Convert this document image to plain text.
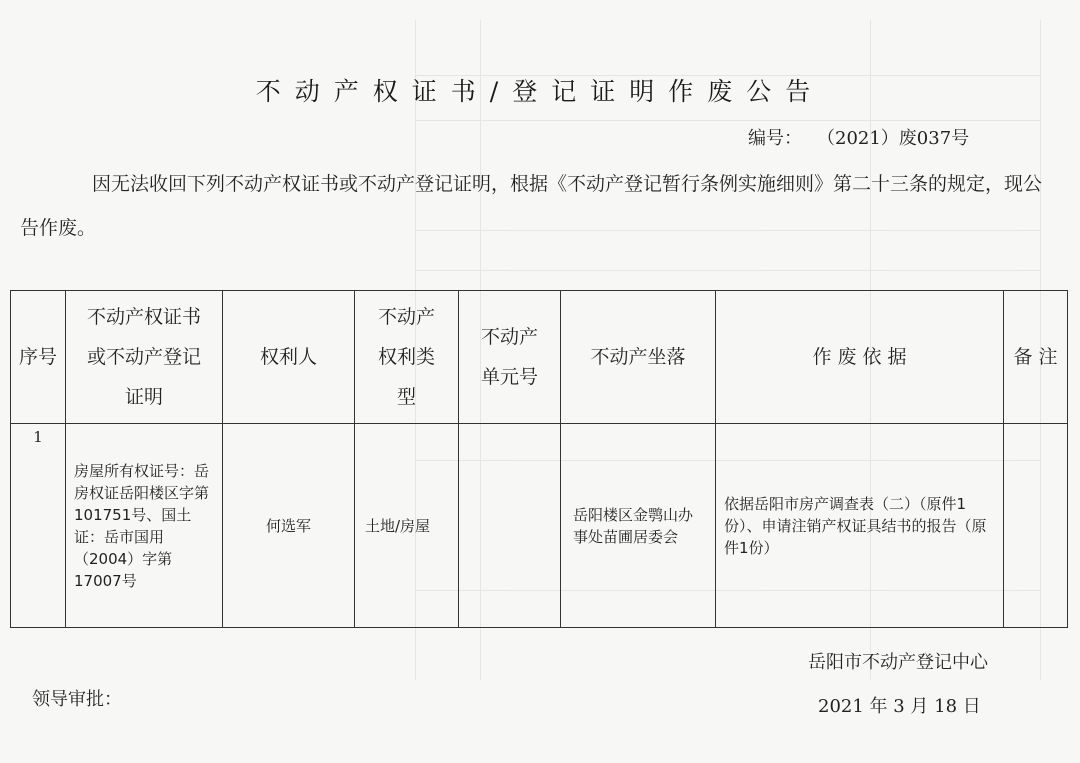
不动产权证书/登记证明作废公告
编号： （2021）废037号
因无法收回下列不动产权证书或不动产登记证明，根据《不动产登记暂行条例实施细则》第二十三条的规定，现公告作废。
序号	不动产权证书或不动产登记证明	权利人	不动产权利类型	不动产单元号	不动产坐落	作 废 依 据	备 注
1	房屋所有权证号：岳房权证岳阳楼区字第101751号、国土证：岳市国用（2004）字第17007号	何选军	土地/房屋		岳阳楼区金鹗山办事处苗圃居委会	依据岳阳市房产调查表（二）（原件1份）、申请注销产权证具结书的报告（原件1份）	
岳阳市不动产登记中心
领导审批：	2021 年 3 月 18 日
